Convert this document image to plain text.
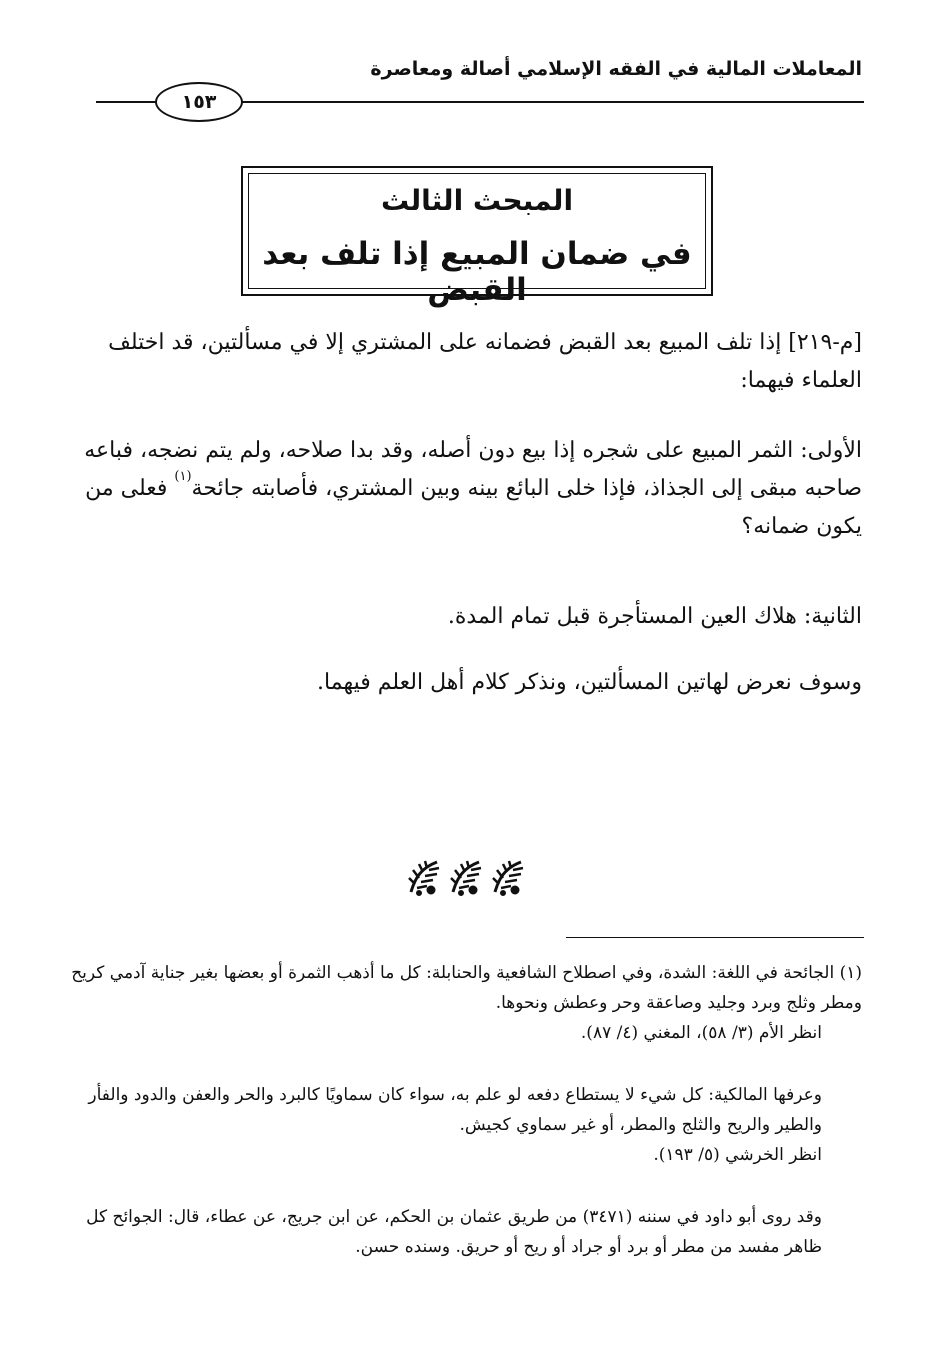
المعاملات المالية في الفقه الإسلامي أصالة ومعاصرة
١٥٣
المبحث الثالث
في ضمان المبيع إذا تلف بعد القبض
[م-٢١٩] إذا تلف المبيع بعد القبض فضمانه على المشتري إلا في مسألتين، قد اختلف العلماء فيهما:
الأولى: الثمر المبيع على شجره إذا بيع دون أصله، وقد بدا صلاحه، ولم يتم نضجه، فباعه صاحبه مبقى إلى الجذاذ، فإذا خلى البائع بينه وبين المشتري، فأصابته جائحة$^{(١)}$ فعلى من يكون ضمانه؟
الثانية: هلاك العين المستأجرة قبل تمام المدة.
وسوف نعرض لهاتين المسألتين، ونذكر كلام أهل العلم فيهما.
(١) الجائحة في اللغة: الشدة، وفي اصطلاح الشافعية والحنابلة: كل ما أذهب الثمرة أو بعضها بغير جناية آدمي كريح ومطر وثلج وبرد وجليد وصاعقة وحر وعطش ونحوها.
انظر الأم (٣/ ٥٨)، المغني (٤/ ٨٧).
وعرفها المالكية: كل شيء لا يستطاع دفعه لو علم به، سواء كان سماويًا كالبرد والحر والعفن والدود والفأر والطير والريح والثلج والمطر، أو غير سماوي كجيش.
انظر الخرشي (٥/ ١٩٣).
وقد روى أبو داود في سننه (٣٤٧١) من طريق عثمان بن الحكم، عن ابن جريج، عن عطاء، قال: الجوائح كل ظاهر مفسد من مطر أو برد أو جراد أو ريح أو حريق. وسنده حسن.
